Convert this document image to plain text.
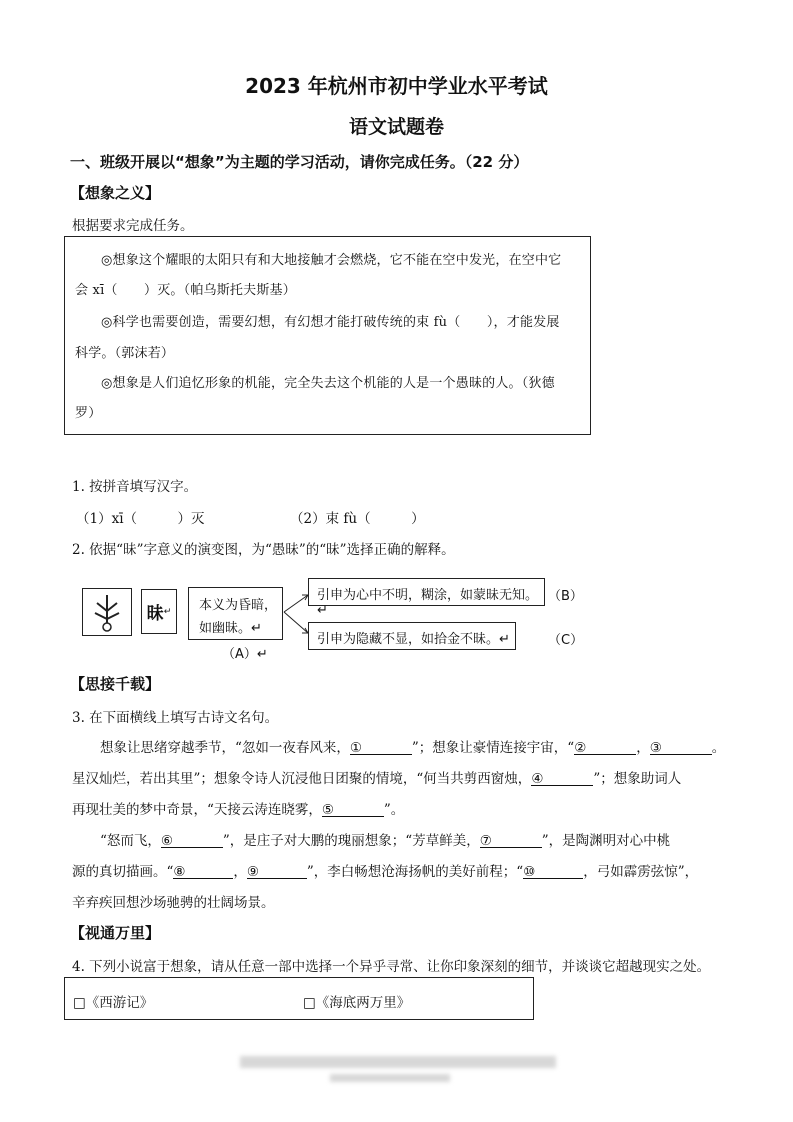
2023 年杭州市初中学业水平考试
语文试题卷
一、班级开展以“想象”为主题的学习活动，请你完成任务。（22 分）
【想象之义】
根据要求完成任务。

◎想象这个耀眼的太阳只有和大地接触才会燃烧，它不能在空中发光，在空中它

会 xī（　　）灭。（帕乌斯托夫斯基）

◎科学也需要创造，需要幻想，有幻想才能打破传统的束 fù（　　），才能发展

科学。（郭沫若）

◎想象是人们追忆形象的机能，完全失去这个机能的人是一个愚昧的人。（狄德

罗）

1. 按拼音填写汉字。
（1）xī（　　　）灭	（2）束 fù（　　　）
2. 依据“昧”字意义的演变图，为“愚昧”的“昧”选择正确的解释。
昧 ↵ 本义为昏暗，
如幽昧。↵
（A）↵
引申为心中不明，糊涂，如蒙昧无知。↵
（B）
引申为隐藏不显，如拾金不昧。↵	（C）
【思接千载】
3. 在下面横线上填写古诗文名句。
想象让思绪穿越季节，“忽如一夜春风来，①	”；想象让豪情连接宇宙，“②	，③	。
星汉灿烂，若出其里”；想象令诗人沉浸他日团聚的情境，“何当共剪西窗烛，④	”；想象助词人
再现壮美的梦中奇景，“天接云涛连晓雾，⑤	”。
“怒而飞，⑥	”，是庄子对大鹏的瑰丽想象；“芳草鲜美，⑦	”，是陶渊明对心中桃
源的真切描画。“⑧	，⑨	”，李白畅想沧海扬帆的美好前程；“⑩	，弓如霹雳弦惊”，
辛弃疾回想沙场驰骋的壮阔场景。
【视通万里】
4. 下列小说富于想象，请从任意一部中选择一个异乎寻常、让你印象深刻的细节，并谈谈它超越现实之处。
□《西游记》	□《海底两万里》
